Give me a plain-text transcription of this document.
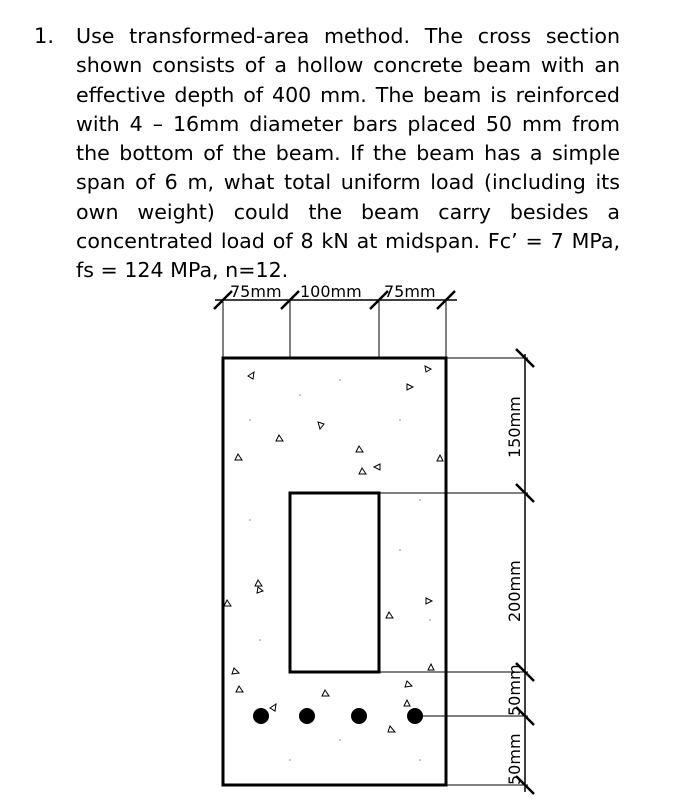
1. Use transformed-area method. The cross section shown consists of a hollow concrete beam with an effective depth of 400 mm. The beam is reinforced with 4 – 16mm diameter bars placed 50 mm from the bottom of the beam. If the beam has a simple span of 6 m, what total uniform load (including its own weight) could the beam carry besides a concentrated load of 8 kN at midspan. Fc’ = 7 MPa, fs = 124 MPa, n=12.
75mm 100mm 75mm
150mm
200mm
50mm
50mm
